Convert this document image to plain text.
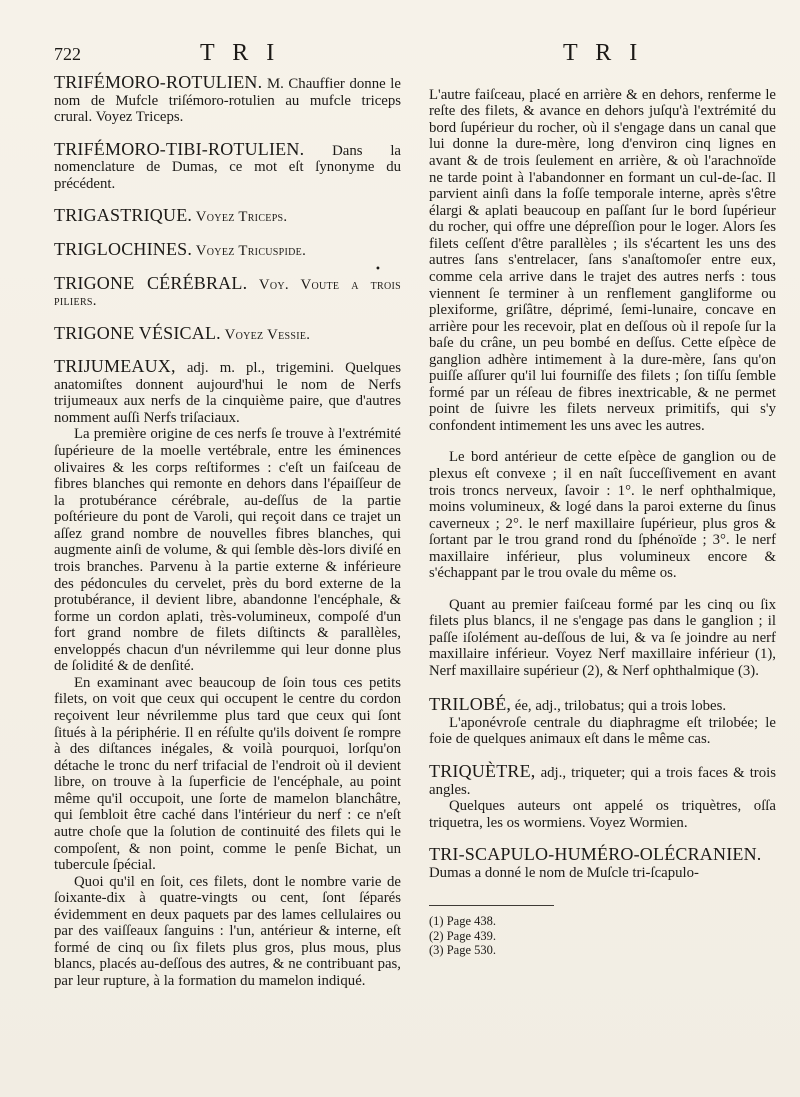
722	T R I	T R I
•

TRIFÉMORO-ROTULIEN. M. Chauffier donne le nom de Mufcle triſémoro-rotulien au mufcle triceps crural. Voyez Triceps.

TRIFÉMORO-TIBI-ROTULIEN. Dans la nomenclature de Dumas, ce mot eſt ſynonyme du précédent.

TRIGASTRIQUE. Voyez Triceps.

TRIGLOCHINES. Voyez Tricuspide.

TRIGONE CÉRÉBRAL. Voy. Voute a trois piliers.

TRIGONE VÉSICAL. Voyez Vessie.

TRIJUMEAUX, adj. m. pl., trigemini. Quelques anatomiſtes donnent aujourd'hui le nom de Nerfs trijumeaux aux nerfs de la cinquième paire, que d'autres nomment auſſi Nerfs triſaciaux.

La première origine de ces nerfs ſe trouve à l'extrémité ſupérieure de la moelle vertébrale, entre les éminences olivaires & les corps reſtiformes : c'eſt un faiſceau de fibres blanches qui remonte en dehors dans l'épaiſſeur de la protubérance cérébrale, au-deſſus de la partie poſtérieure du pont de Varoli, qui reçoit dans ce trajet un aſſez grand nombre de nouvelles fibres blanches, qui augmente ainſi de volume, & qui ſemble dès-lors diviſé en trois branches. Parvenu à la partie externe & inférieure des pédoncules du cervelet, près du bord externe de la protubérance, il devient libre, abandonne l'encéphale, & forme un cordon aplati, très-volumineux, compoſé d'un fort grand nombre de filets diſtincts & parallèles, enveloppés chacun d'un névrilemme qui leur donne plus de ſolidité & de denſité.

En examinant avec beaucoup de ſoin tous ces petits filets, on voit que ceux qui occupent le centre du cordon reçoivent leur névrilemme plus tard que ceux qui ſont ſitués à la périphérie. Il en réſulte qu'ils doivent ſe rompre à des diſtances inégales, & voilà pourquoi, lorſqu'on détache le tronc du nerf trifacial de l'endroit où il devient libre, on trouve à la ſuperficie de l'encéphale, au point même qu'il occupoit, une ſorte de mamelon blanchâtre, qui ſembloit être caché dans l'intérieur du nerf : ce n'eſt autre choſe que la ſolution de continuité des filets qui le compoſent, & non point, comme le penſe Bichat, un tubercule ſpécial.

Quoi qu'il en ſoit, ces filets, dont le nombre varie de ſoixante-dix à quatre-vingts ou cent, ſont ſéparés évidemment en deux paquets par des lames cellulaires ou par des vaiſſeaux ſanguins : l'un, antérieur & interne, eſt formé de cinq ou ſix filets plus gros, plus mous, plus blancs, placés au-deſſous des autres, & ne contribuant pas, par leur rupture, à la formation du mamelon indiqué.

L'autre faiſceau, placé en arrière & en dehors, renferme le reſte des filets, & avance en dehors juſqu'à l'extrémité du bord ſupérieur du rocher, où il s'engage dans un canal que lui donne la dure-mère, long d'environ cinq lignes en avant & de trois ſeulement en arrière, & où l'arachnoïde ne tarde point à l'abandonner en formant un cul-de-ſac. Il parvient ainſi dans la foſſe temporale interne, après s'être élargi & aplati beaucoup en paſſant ſur le bord ſupérieur du rocher, qui offre une dépreſſion pour le loger. Alors ſes filets ceſſent d'être parallèles ; ils s'écartent les uns des autres ſans s'entrelacer, ſans s'anaſtomoſer entre eux, comme cela arrive dans le trajet des autres nerfs : tous viennent ſe terminer à un renflement gangliforme ou plexiforme, griſâtre, déprimé, ſemi-lunaire, concave en arrière pour les recevoir, plat en deſſous où il repoſe ſur la baſe du crâne, un peu bombé en deſſus. Cette eſpèce de ganglion adhère intimement à la dure-mère, ſans qu'on puiſſe aſſurer qu'il lui fourniſſe des filets ; ſon tiſſu ſemble formé par un réſeau de fibres inextricable, & ne permet point de ſuivre les filets nerveux primitifs, qui s'y confondent intimement les uns avec les autres.

Le bord antérieur de cette eſpèce de ganglion ou de plexus eſt convexe ; il en naît ſucceſſivement en avant trois troncs nerveux, ſavoir : 1°. le nerf ophthalmique, moins volumineux, & logé dans la paroi externe du ſinus caverneux ; 2°. le nerf maxillaire ſupérieur, plus gros & ſortant par le trou grand rond du ſphénoïde ; 3°. le nerf maxillaire inférieur, plus volumineux encore & s'échappant par le trou ovale du même os.

Quant au premier faiſceau formé par les cinq ou ſix filets plus blancs, il ne s'engage pas dans le ganglion ; il paſſe iſolément au-deſſous de lui, & va ſe joindre au nerf maxillaire inférieur. Voyez Nerf maxillaire inférieur (1), Nerf maxillaire supérieur (2), & Nerf ophthalmique (3).

TRILOBÉ, ée, adj., trilobatus; qui a trois lobes.

L'aponévroſe centrale du diaphragme eſt trilobée; le foie de quelques animaux eſt dans le même cas.

TRIQUÈTRE, adj., triqueter; qui a trois faces & trois angles.

Quelques auteurs ont appelé os triquètres, oſſa triquetra, les os wormiens. Voyez Wormien.

TRI-SCAPULO-HUMÉRO-OLÉCRANIEN. Dumas a donné le nom de Muſcle tri-ſcapulo-

(1) Page 438.
(2) Page 439.
(3) Page 530.
